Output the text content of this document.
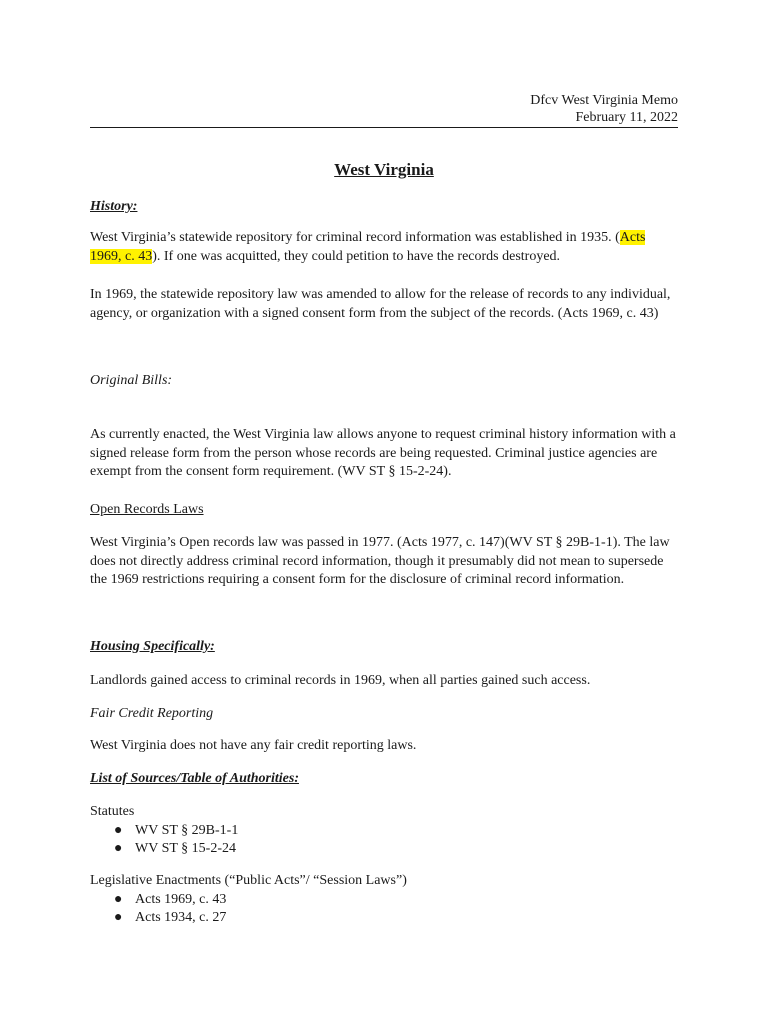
Dfcv West Virginia Memo
February 11, 2022
West Virginia
History:
West Virginia’s statewide repository for criminal record information was established in 1935. (Acts 1969, c. 43). If one was acquitted, they could petition to have the records destroyed.
In 1969, the statewide repository law was amended to allow for the release of records to any individual, agency, or organization with a signed consent form from the subject of the records. (Acts 1969, c. 43)
Original Bills:
As currently enacted, the West Virginia law allows anyone to request criminal history information with a signed release form from the person whose records are being requested. Criminal justice agencies are exempt from the consent form requirement. (WV ST § 15-2-24).
Open Records Laws
West Virginia’s Open records law was passed in 1977. (Acts 1977, c. 147)(WV ST § 29B-1-1). The law does not directly address criminal record information, though it presumably did not mean to supersede the 1969 restrictions requiring a consent form for the disclosure of criminal record information.
Housing Specifically:
Landlords gained access to criminal records in 1969, when all parties gained such access.
Fair Credit Reporting
West Virginia does not have any fair credit reporting laws.
List of Sources/Table of Authorities:
Statutes
● WV ST § 29B-1-1
● WV ST § 15-2-24
Legislative Enactments (“Public Acts”/ “Session Laws”)
● Acts 1969, c. 43
● Acts 1934, c. 27
